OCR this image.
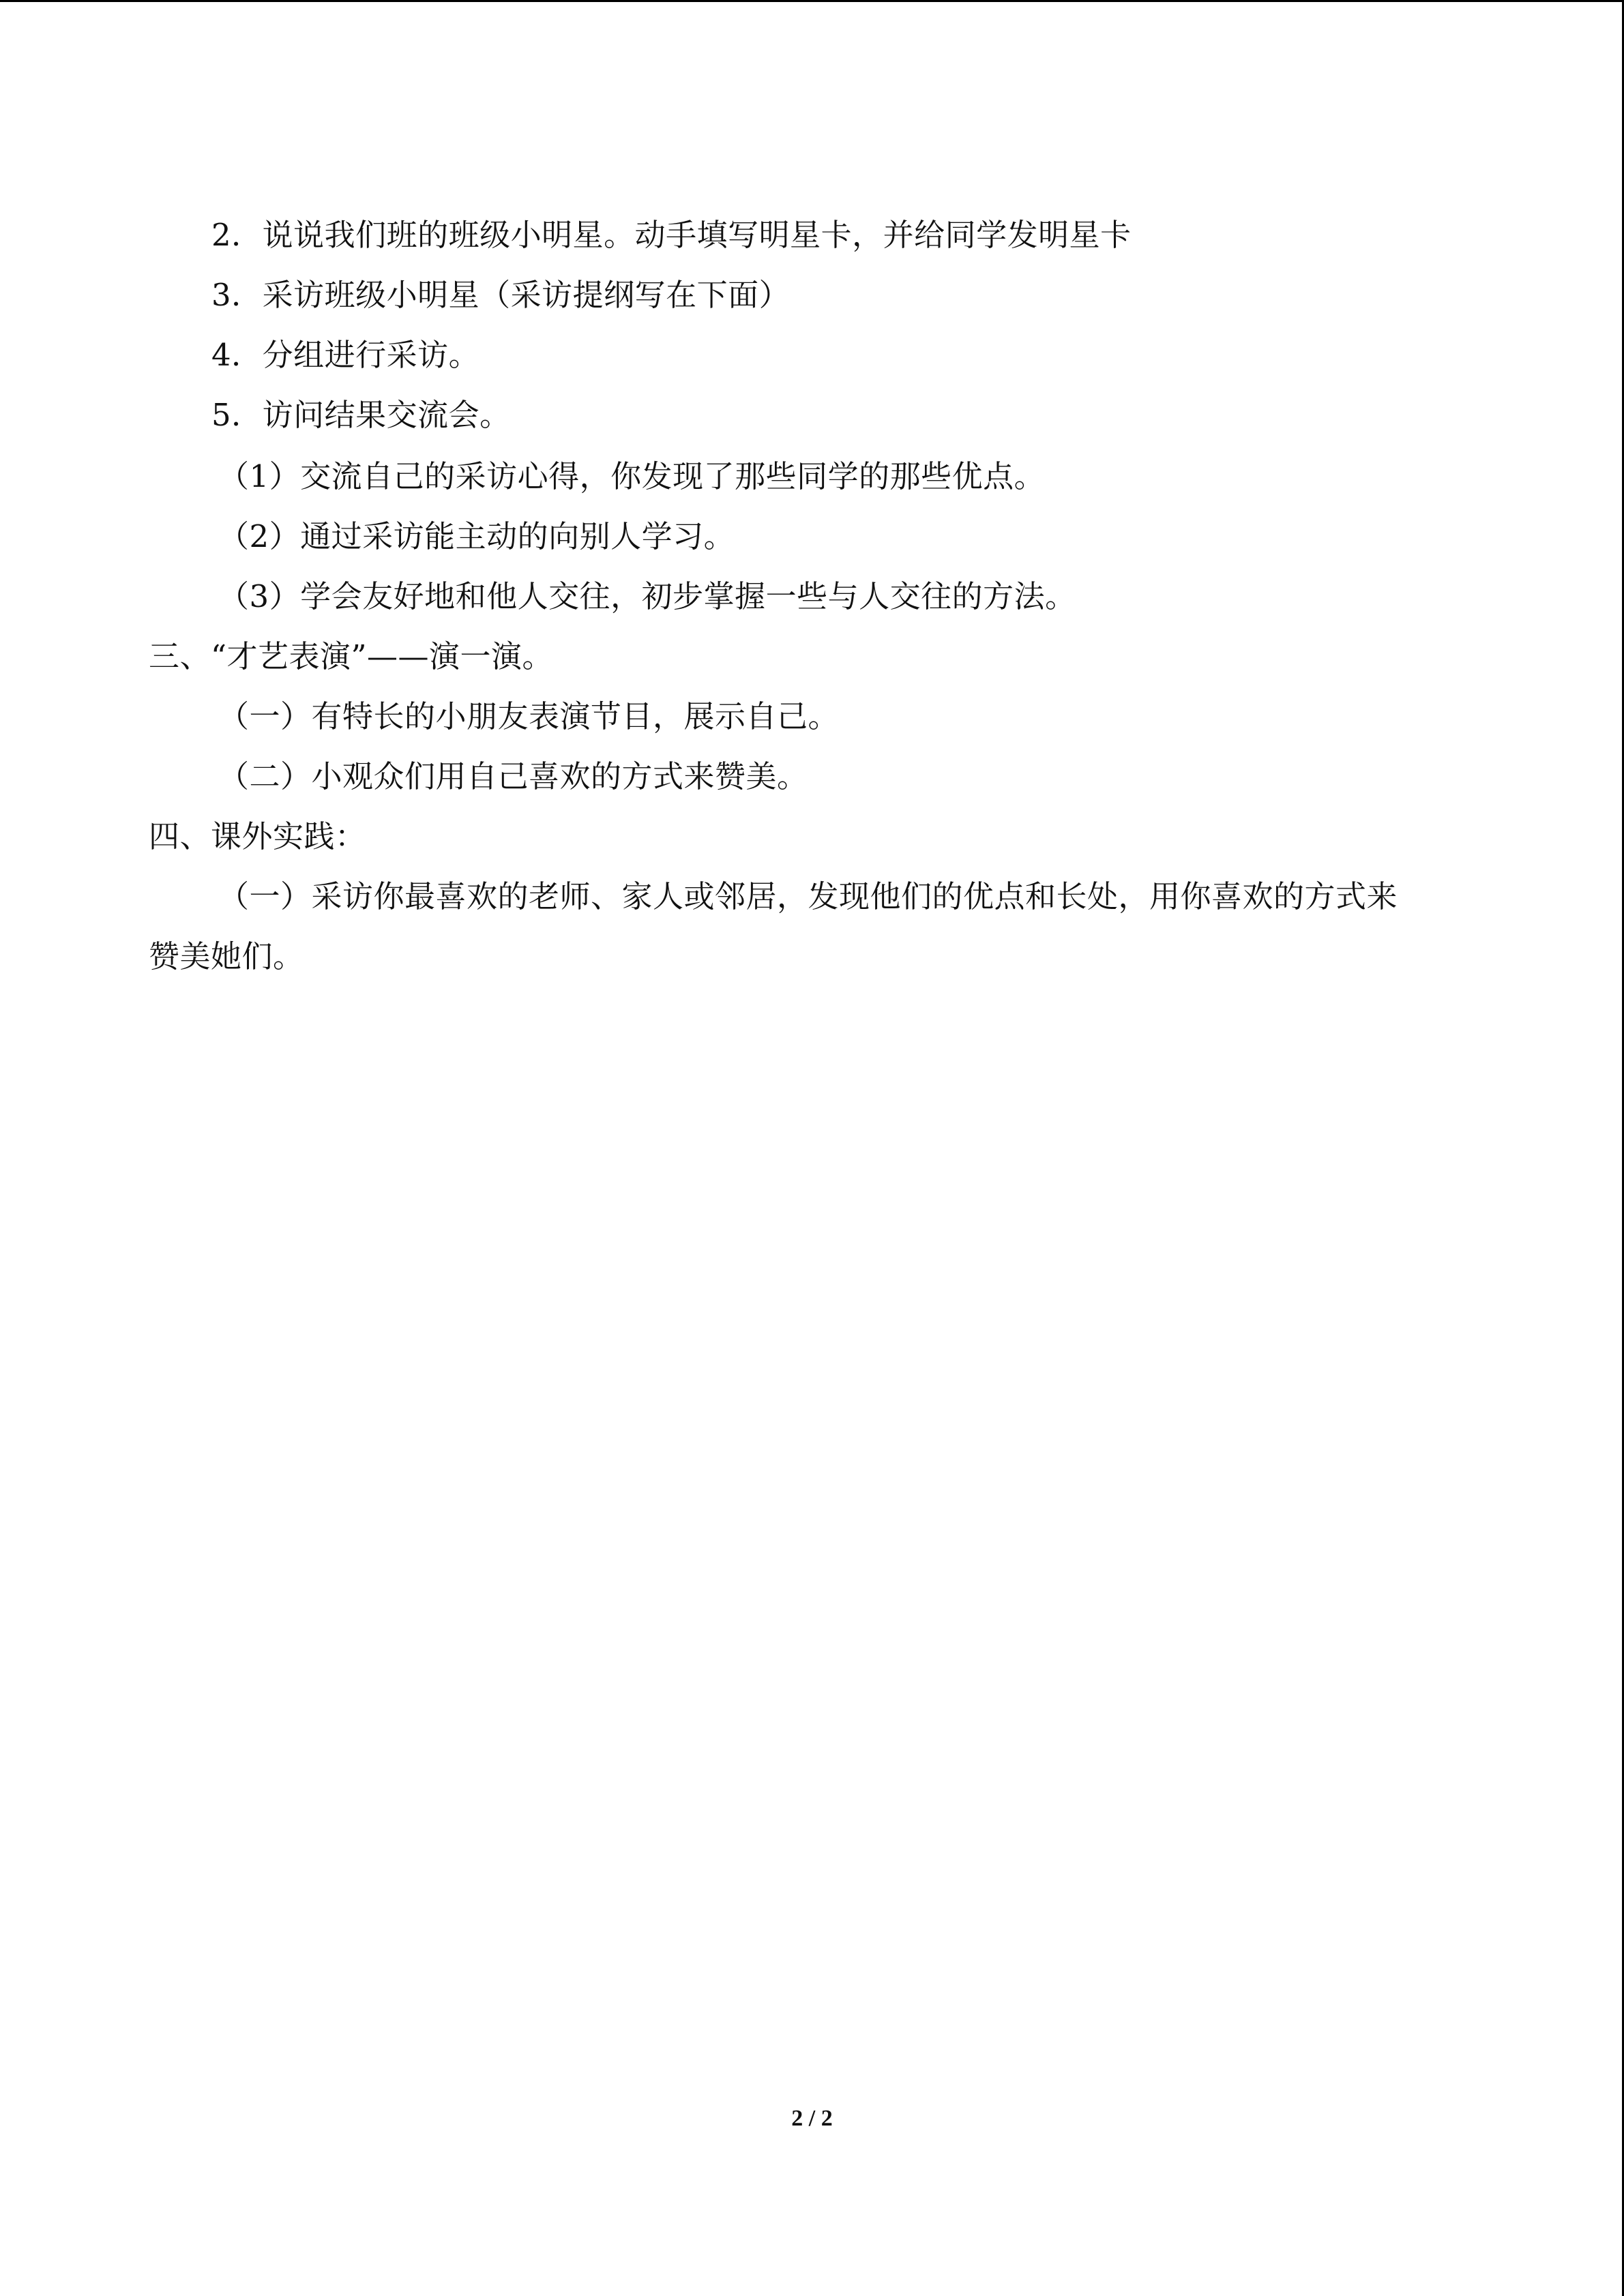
2．说说我们班的班级小明星。动手填写明星卡，并给同学发明星卡
3．采访班级小明星（采访提纲写在下面）
4．分组进行采访。
5．访问结果交流会。
（1）交流自己的采访心得，你发现了那些同学的那些优点。
（2）通过采访能主动的向别人学习。
（3）学会友好地和他人交往，初步掌握一些与人交往的方法。
三、“才艺表演”——演一演。
（一）有特长的小朋友表演节目，展示自己。
（二）小观众们用自己喜欢的方式来赞美。
四、课外实践：
（一）采访你最喜欢的老师、家人或邻居，发现他们的优点和长处，用你喜欢的方式来
赞美她们。
2 / 2
